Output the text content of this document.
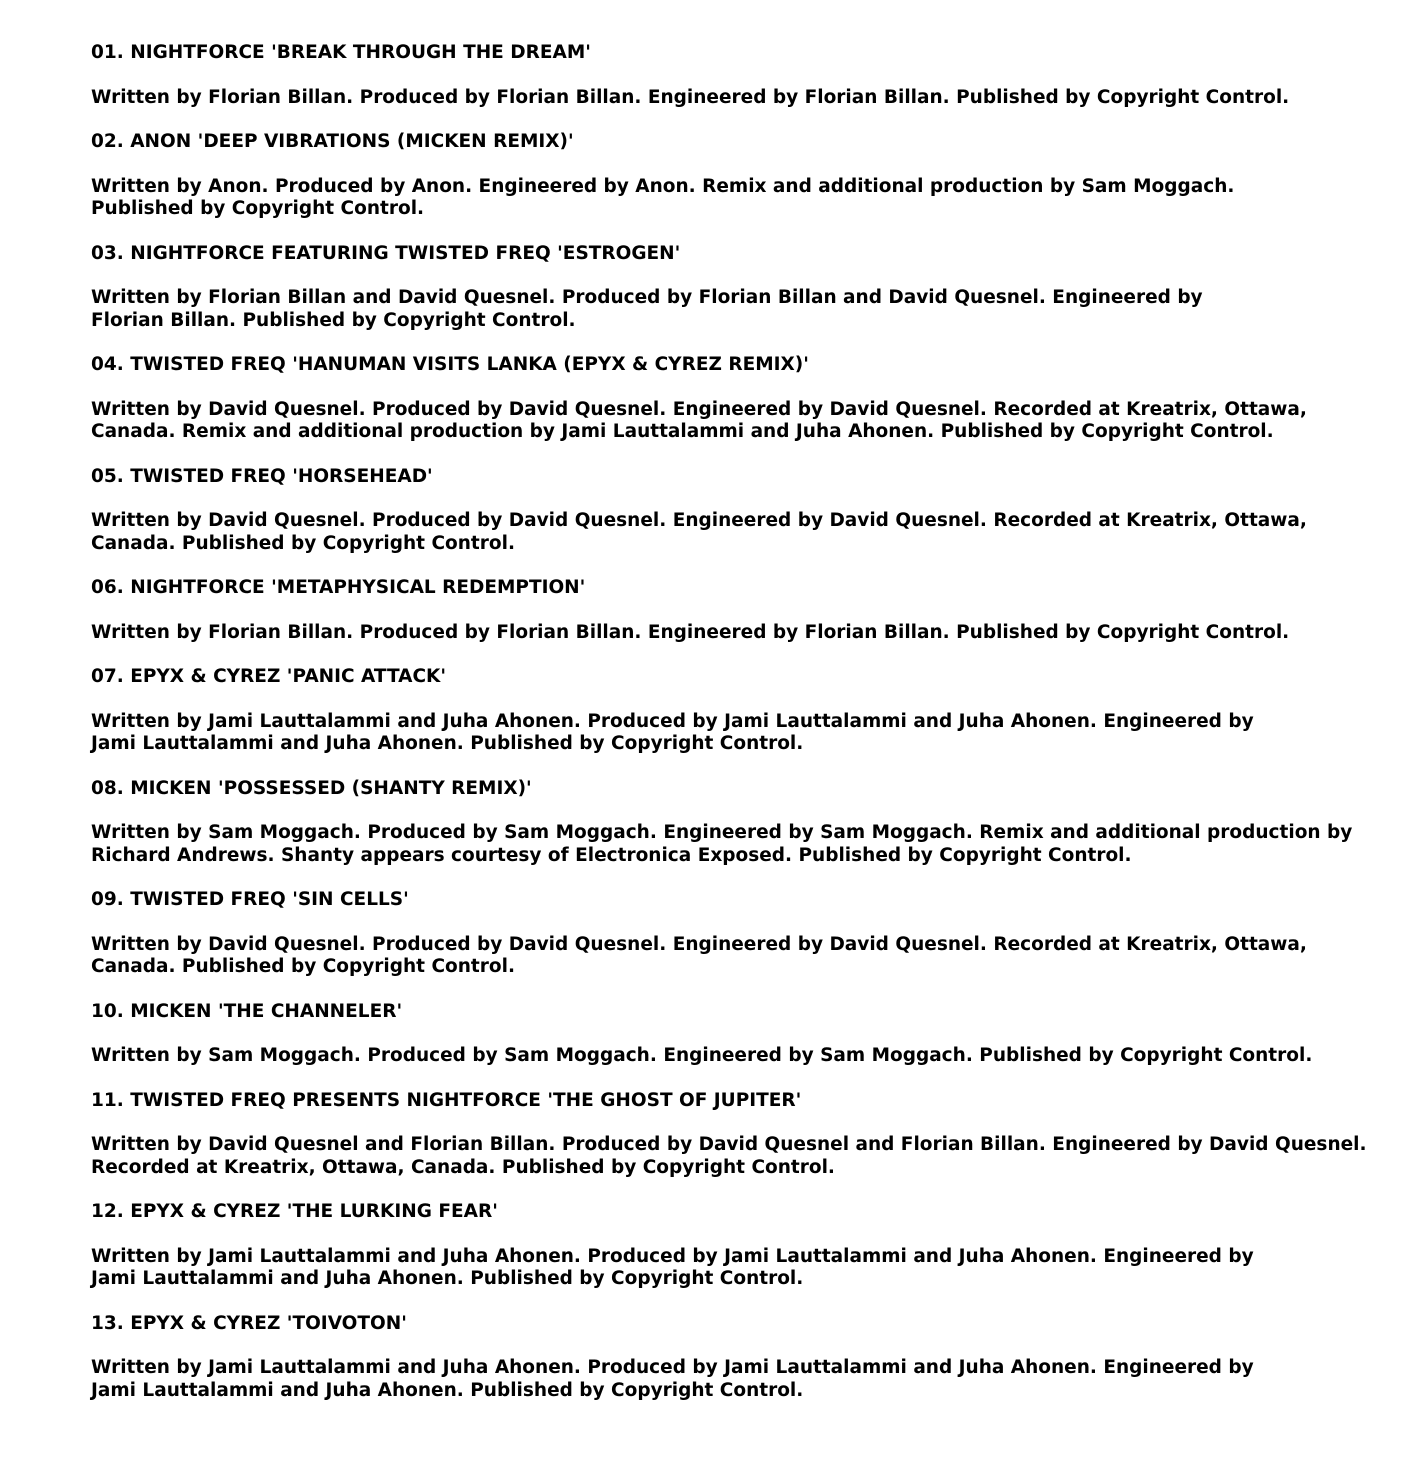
01. NIGHTFORCE 'BREAK THROUGH THE DREAM'
Written by Florian Billan. Produced by Florian Billan. Engineered by Florian Billan. Published by Copyright Control.
02. ANON 'DEEP VIBRATIONS (MICKEN REMIX)'
Written by Anon. Produced by Anon. Engineered by Anon. Remix and additional production by Sam Moggach.
Published by Copyright Control.
03. NIGHTFORCE FEATURING TWISTED FREQ 'ESTROGEN'
Written by Florian Billan and David Quesnel. Produced by Florian Billan and David Quesnel. Engineered by
Florian Billan. Published by Copyright Control.
04. TWISTED FREQ 'HANUMAN VISITS LANKA (EPYX & CYREZ REMIX)'
Written by David Quesnel. Produced by David Quesnel. Engineered by David Quesnel. Recorded at Kreatrix, Ottawa,
Canada. Remix and additional production by Jami Lauttalammi and Juha Ahonen. Published by Copyright Control.
05. TWISTED FREQ 'HORSEHEAD'
Written by David Quesnel. Produced by David Quesnel. Engineered by David Quesnel. Recorded at Kreatrix, Ottawa,
Canada. Published by Copyright Control.
06. NIGHTFORCE 'METAPHYSICAL REDEMPTION'
Written by Florian Billan. Produced by Florian Billan. Engineered by Florian Billan. Published by Copyright Control.
07. EPYX & CYREZ 'PANIC ATTACK'
Written by Jami Lauttalammi and Juha Ahonen. Produced by Jami Lauttalammi and Juha Ahonen. Engineered by
Jami Lauttalammi and Juha Ahonen. Published by Copyright Control.
08. MICKEN 'POSSESSED (SHANTY REMIX)'
Written by Sam Moggach. Produced by Sam Moggach. Engineered by Sam Moggach. Remix and additional production by
Richard Andrews. Shanty appears courtesy of Electronica Exposed. Published by Copyright Control.
09. TWISTED FREQ 'SIN CELLS'
Written by David Quesnel. Produced by David Quesnel. Engineered by David Quesnel. Recorded at Kreatrix, Ottawa,
Canada. Published by Copyright Control.
10. MICKEN 'THE CHANNELER'
Written by Sam Moggach. Produced by Sam Moggach. Engineered by Sam Moggach. Published by Copyright Control.
11. TWISTED FREQ PRESENTS NIGHTFORCE 'THE GHOST OF JUPITER'
Written by David Quesnel and Florian Billan. Produced by David Quesnel and Florian Billan. Engineered by David Quesnel.
Recorded at Kreatrix, Ottawa, Canada. Published by Copyright Control.
12. EPYX & CYREZ 'THE LURKING FEAR'
Written by Jami Lauttalammi and Juha Ahonen. Produced by Jami Lauttalammi and Juha Ahonen. Engineered by
Jami Lauttalammi and Juha Ahonen. Published by Copyright Control.
13. EPYX & CYREZ 'TOIVOTON'
Written by Jami Lauttalammi and Juha Ahonen. Produced by Jami Lauttalammi and Juha Ahonen. Engineered by
Jami Lauttalammi and Juha Ahonen. Published by Copyright Control.
